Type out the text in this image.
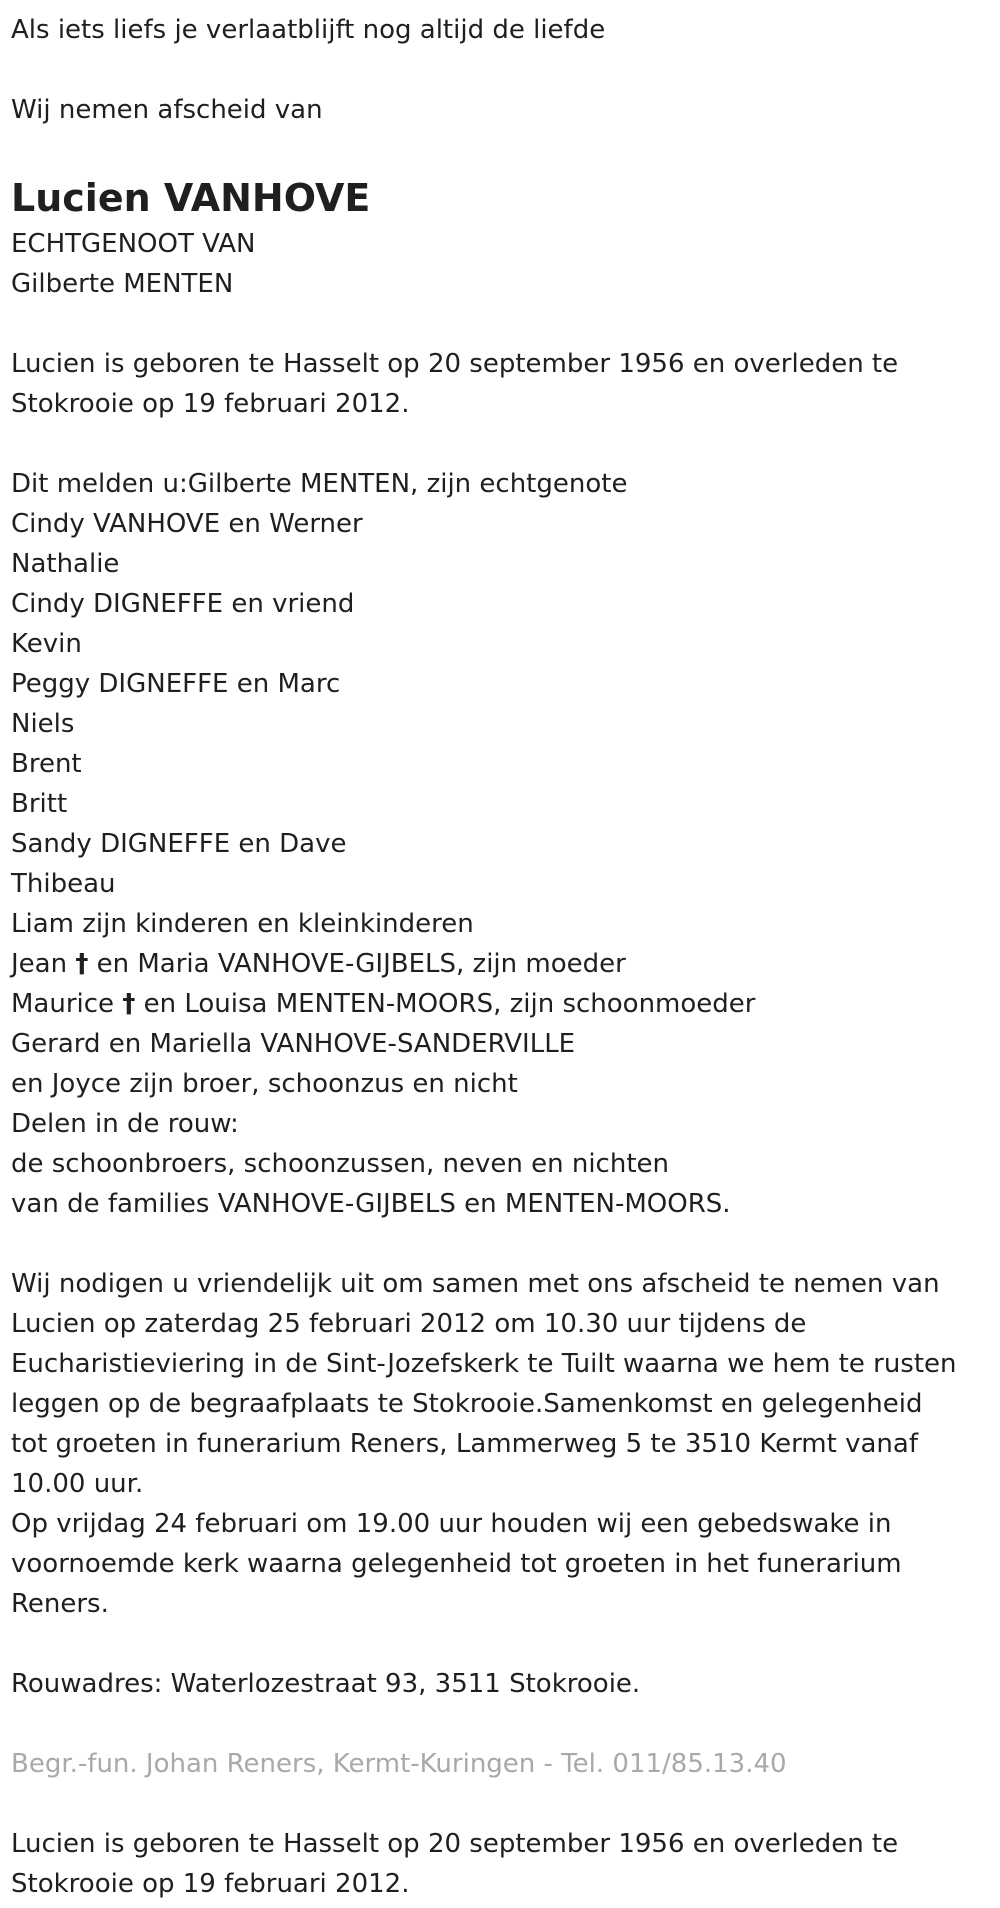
Als iets liefs je verlaatblijft nog altijd de liefde
Wij nemen afscheid van
Lucien VANHOVE
ECHTGENOOT VAN
Gilberte MENTEN
Lucien is geboren te Hasselt op 20 september 1956 en overleden te
Stokrooie op 19 februari 2012.
Dit melden u:Gilberte MENTEN, zijn echtgenote
Cindy VANHOVE en Werner
Nathalie
Cindy DIGNEFFE en vriend
Kevin
Peggy DIGNEFFE en Marc
Niels
Brent
Britt
Sandy DIGNEFFE en Dave
Thibeau
Liam zijn kinderen en kleinkinderen
Jean † en Maria VANHOVE-GIJBELS, zijn moeder
Maurice † en Louisa MENTEN-MOORS, zijn schoonmoeder
Gerard en Mariella VANHOVE-SANDERVILLE
en Joyce zijn broer, schoonzus en nicht
Delen in de rouw:
de schoonbroers, schoonzussen, neven en nichten
van de families VANHOVE-GIJBELS en MENTEN-MOORS.
Wij nodigen u vriendelijk uit om samen met ons afscheid te nemen van
Lucien op zaterdag 25 februari 2012 om 10.30 uur tijdens de
Eucharistieviering in de Sint-Jozefskerk te Tuilt waarna we hem te rusten
leggen op de begraafplaats te Stokrooie.Samenkomst en gelegenheid
tot groeten in funerarium Reners, Lammerweg 5 te 3510 Kermt vanaf
10.00 uur.
Op vrijdag 24 februari om 19.00 uur houden wij een gebedswake in
voornoemde kerk waarna gelegenheid tot groeten in het funerarium
Reners.
Rouwadres: Waterlozestraat 93, 3511 Stokrooie.
Begr.-fun. Johan Reners, Kermt-Kuringen - Tel. 011/85.13.40
Lucien is geboren te Hasselt op 20 september 1956 en overleden te
Stokrooie op 19 februari 2012.
